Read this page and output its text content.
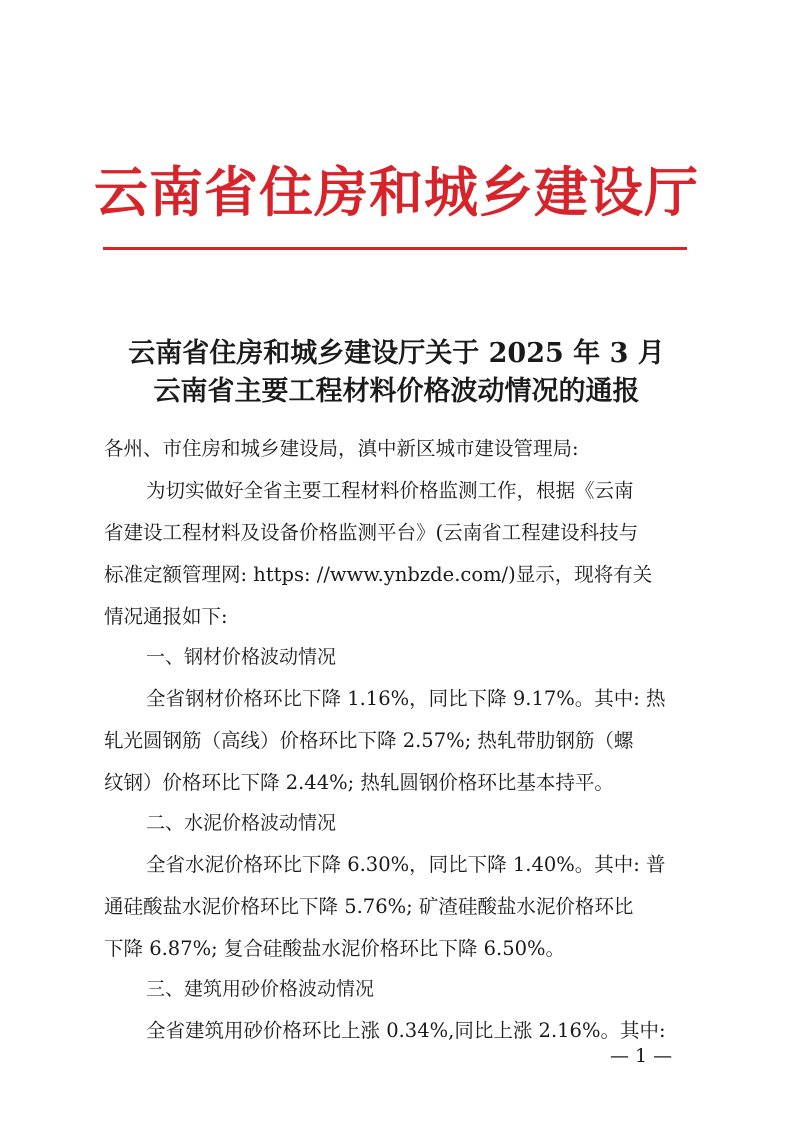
云南省住房和城乡建设厅
云南省住房和城乡建设厅关于 2025 年 3 月
云南省主要工程材料价格波动情况的通报
各州、市住房和城乡建设局，滇中新区城市建设管理局:
为切实做好全省主要工程材料价格监测工作，根据《云南
省建设工程材料及设备价格监测平台》(云南省工程建设科技与
标准定额管理网: https: //www.ynbzde.com/)显示，现将有关
情况通报如下:
一、钢材价格波动情况
全省钢材价格环比下降 1.16%，同比下降 9.17%。其中: 热
轧光圆钢筋（高线）价格环比下降 2.57%; 热轧带肋钢筋（螺
纹钢）价格环比下降 2.44%; 热轧圆钢价格环比基本持平。
二、水泥价格波动情况
全省水泥价格环比下降 6.30%，同比下降 1.40%。其中: 普
通硅酸盐水泥价格环比下降 5.76%; 矿渣硅酸盐水泥价格环比
下降 6.87%; 复合硅酸盐水泥价格环比下降 6.50%。
三、建筑用砂价格波动情况
全省建筑用砂价格环比上涨 0.34%,同比上涨 2.16%。其中:
— 1 —
